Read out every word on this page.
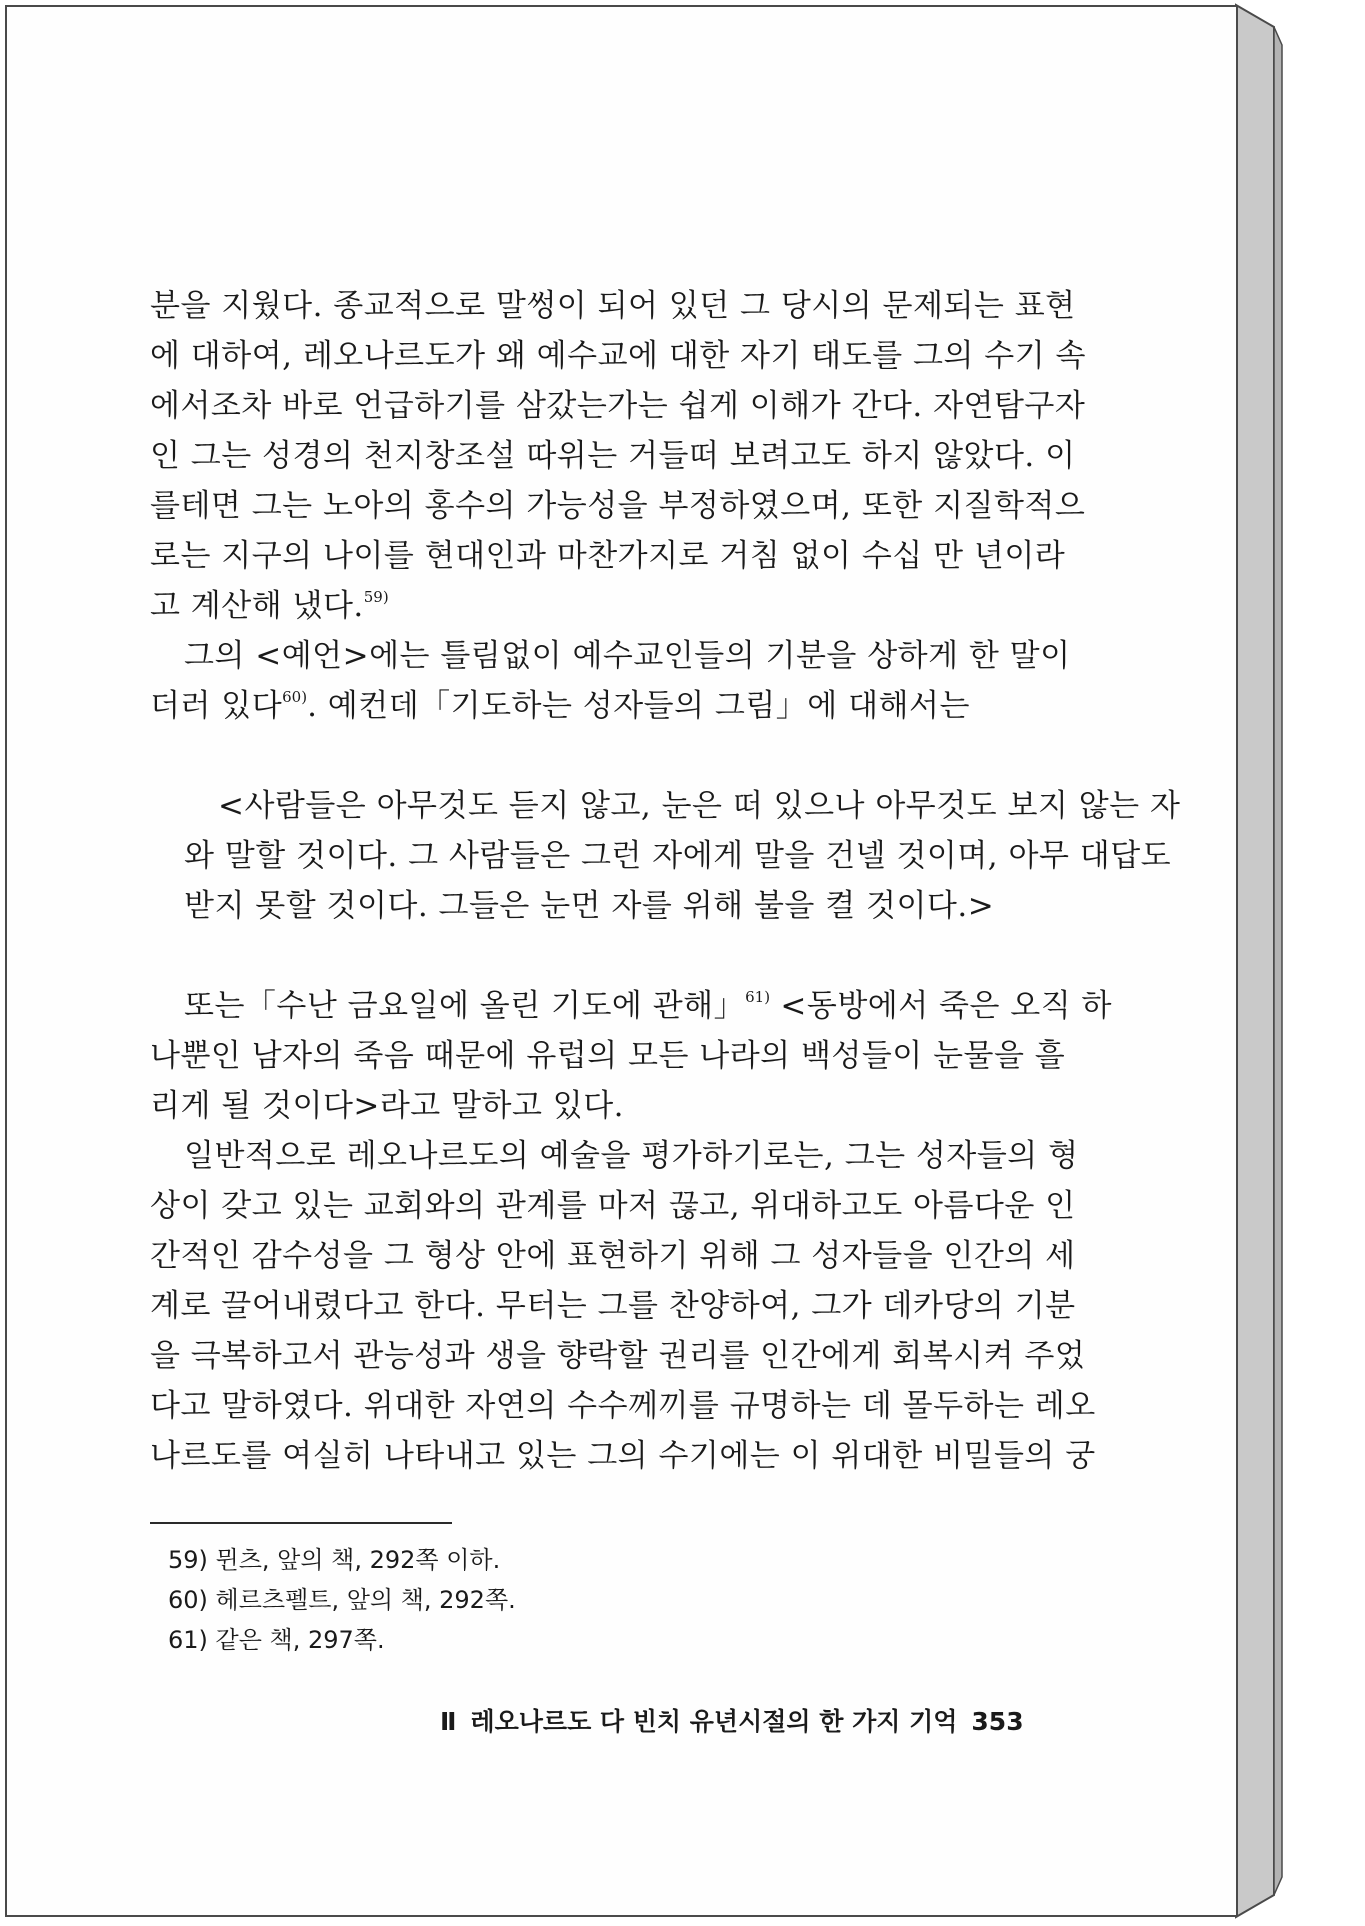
분을 지웠다. 종교적으로 말썽이 되어 있던 그 당시의 문제되는 표현
에 대하여, 레오나르도가 왜 예수교에 대한 자기 태도를 그의 수기 속
에서조차 바로 언급하기를 삼갔는가는 쉽게 이해가 간다. 자연탐구자
인 그는 성경의 천지창조설 따위는 거들떠 보려고도 하지 않았다. 이
를테면 그는 노아의 홍수의 가능성을 부정하였으며, 또한 지질학적으
로는 지구의 나이를 현대인과 마찬가지로 거침 없이 수십 만 년이라
고 계산해 냈다.$^{59)}$
그의 <예언>에는 틀림없이 예수교인들의 기분을 상하게 한 말이
더러 있다$^{60)}$. 예컨데「기도하는 성자들의 그림」에 대해서는
<사람들은 아무것도 듣지 않고, 눈은 떠 있으나 아무것도 보지 않는 자
와 말할 것이다. 그 사람들은 그런 자에게 말을 건넬 것이며, 아무 대답도
받지 못할 것이다. 그들은 눈먼 자를 위해 불을 켤 것이다.>
또는「수난 금요일에 올린 기도에 관해」$^{61)}$ <동방에서 죽은 오직 하
나뿐인 남자의 죽음 때문에 유럽의 모든 나라의 백성들이 눈물을 흘
리게 될 것이다>라고 말하고 있다.
일반적으로 레오나르도의 예술을 평가하기로는, 그는 성자들의 형
상이 갖고 있는 교회와의 관계를 마저 끊고, 위대하고도 아름다운 인
간적인 감수성을 그 형상 안에 표현하기 위해 그 성자들을 인간의 세
계로 끌어내렸다고 한다. 무터는 그를 찬양하여, 그가 데카당의 기분
을 극복하고서 관능성과 생을 향락할 권리를 인간에게 회복시켜 주었
다고 말하였다. 위대한 자연의 수수께끼를 규명하는 데 몰두하는 레오
나르도를 여실히 나타내고 있는 그의 수기에는 이 위대한 비밀들의 궁
59) 뮌츠, 앞의 책, 292쪽 이하.
60) 헤르츠펠트, 앞의 책, 292쪽.
61) 같은 책, 297쪽.
Ⅱ 레오나르도 다 빈치 유년시절의 한 가지 기억 353
